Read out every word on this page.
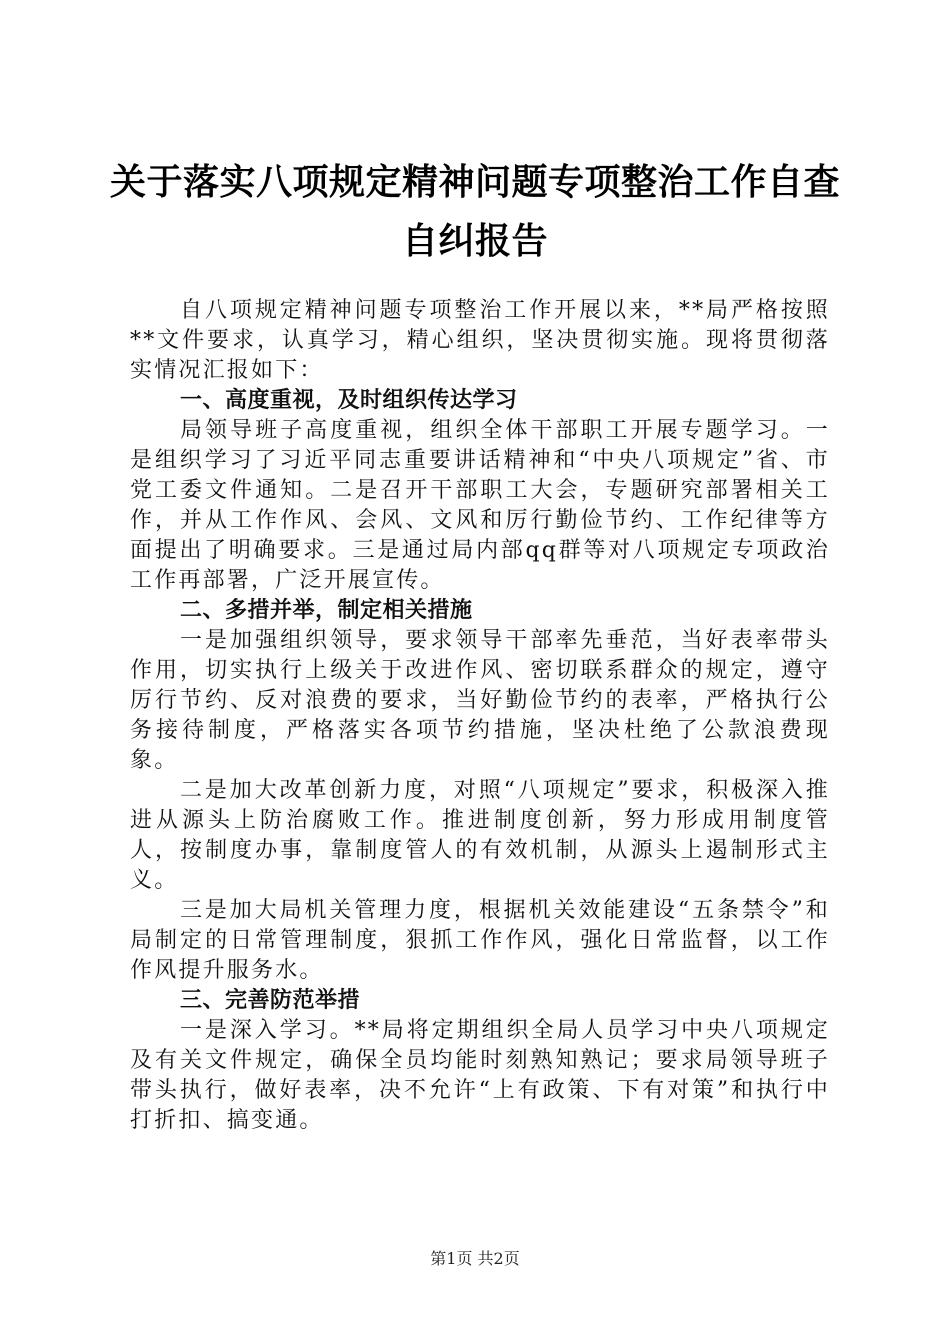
关于落实八项规定精神问题专项整治工作自查
自纠报告

自八项规定精神问题专项整治工作开展以来，**局严格按照**文件要求，认真学习，精心组织，坚决贯彻实施。现将贯彻落实情况汇报如下：

一、高度重视，及时组织传达学习

局领导班子高度重视，组织全体干部职工开展专题学习。一是组织学习了习近平同志重要讲话精神和“中央八项规定”省、市党工委文件通知。二是召开干部职工大会，专题研究部署相关工作，并从工作作风、会风、文风和厉行勤俭节约、工作纪律等方面提出了明确要求。三是通过局内部qq群等对八项规定专项政治工作再部署，广泛开展宣传。

二、多措并举，制定相关措施

一是加强组织领导，要求领导干部率先垂范，当好表率带头作用，切实执行上级关于改进作风、密切联系群众的规定，遵守厉行节约、反对浪费的要求，当好勤俭节约的表率，严格执行公务接待制度，严格落实各项节约措施，坚决杜绝了公款浪费现象。

二是加大改革创新力度，对照“八项规定”要求，积极深入推进从源头上防治腐败工作。推进制度创新，努力形成用制度管人，按制度办事，靠制度管人的有效机制，从源头上遏制形式主义。

三是加大局机关管理力度，根据机关效能建设“五条禁令”和局制定的日常管理制度，狠抓工作作风，强化日常监督，以工作作风提升服务水。

三、完善防范举措

一是深入学习。**局将定期组织全局人员学习中央八项规定及有关文件规定，确保全员均能时刻熟知熟记；要求局领导班子带头执行，做好表率，决不允许“上有政策、下有对策”和执行中打折扣、搞变通。

第1页 共2页
